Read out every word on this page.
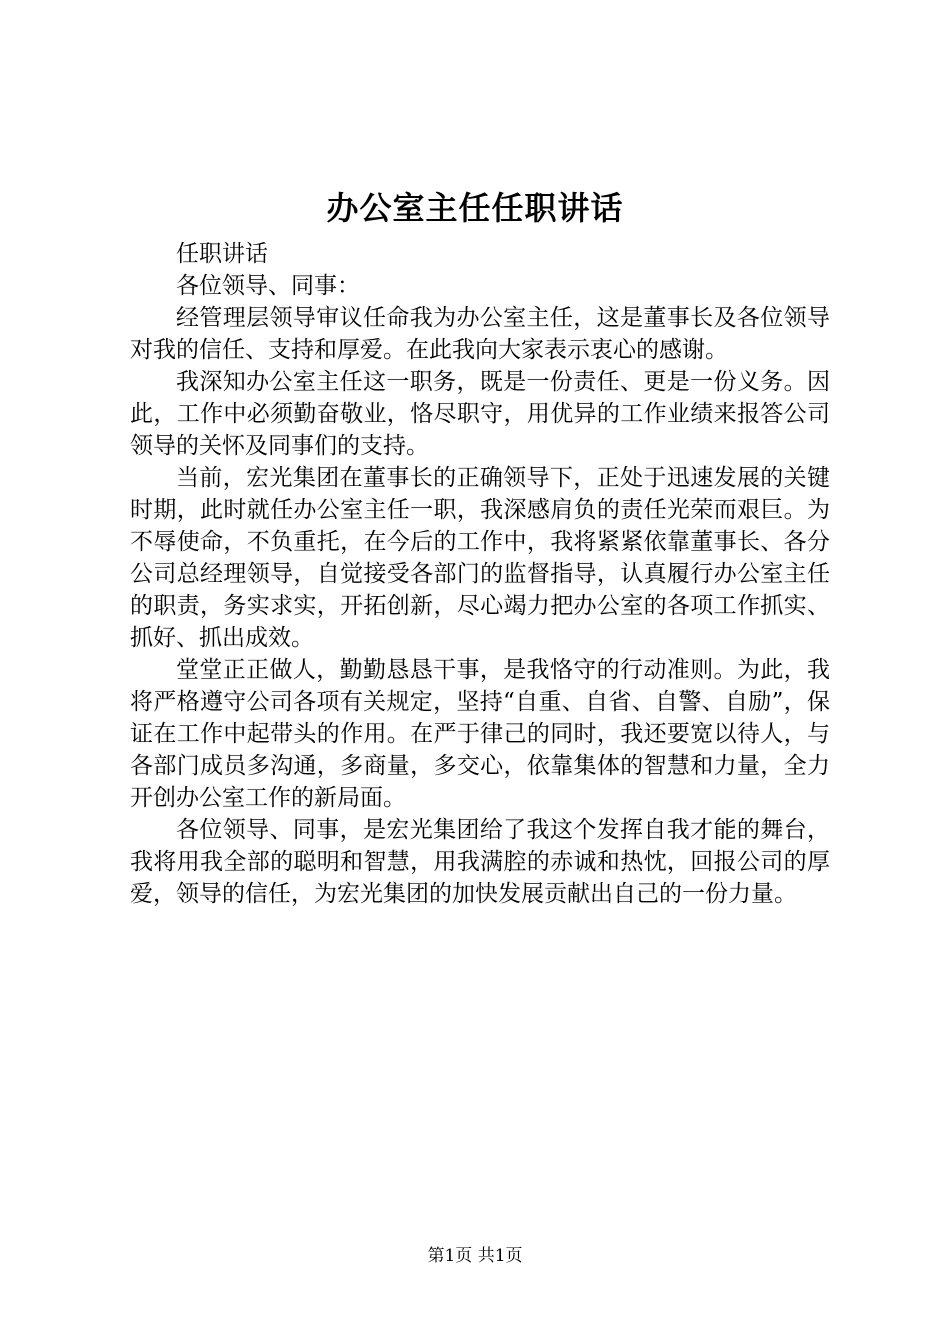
办公室主任任职讲话

任职讲话

各位领导、同事：

经管理层领导审议任命我为办公室主任，这是董事长及各位领导对我的信任、支持和厚爱。在此我向大家表示衷心的感谢。

我深知办公室主任这一职务，既是一份责任、更是一份义务。因此，工作中必须勤奋敬业，恪尽职守，用优异的工作业绩来报答公司领导的关怀及同事们的支持。

当前，宏光集团在董事长的正确领导下，正处于迅速发展的关键时期，此时就任办公室主任一职，我深感肩负的责任光荣而艰巨。为不辱使命，不负重托，在今后的工作中，我将紧紧依靠董事长、各分公司总经理领导，自觉接受各部门的监督指导，认真履行办公室主任的职责，务实求实，开拓创新，尽心竭力把办公室的各项工作抓实、抓好、抓出成效。

堂堂正正做人，勤勤恳恳干事，是我恪守的行动准则。为此，我将严格遵守公司各项有关规定，坚持“自重、自省、自警、自励”，保证在工作中起带头的作用。在严于律己的同时，我还要宽以待人，与各部门成员多沟通，多商量，多交心，依靠集体的智慧和力量，全力开创办公室工作的新局面。

各位领导、同事，是宏光集团给了我这个发挥自我才能的舞台，我将用我全部的聪明和智慧，用我满腔的赤诚和热忱，回报公司的厚爱，领导的信任，为宏光集团的加快发展贡献出自己的一份力量。

第1页 共1页
